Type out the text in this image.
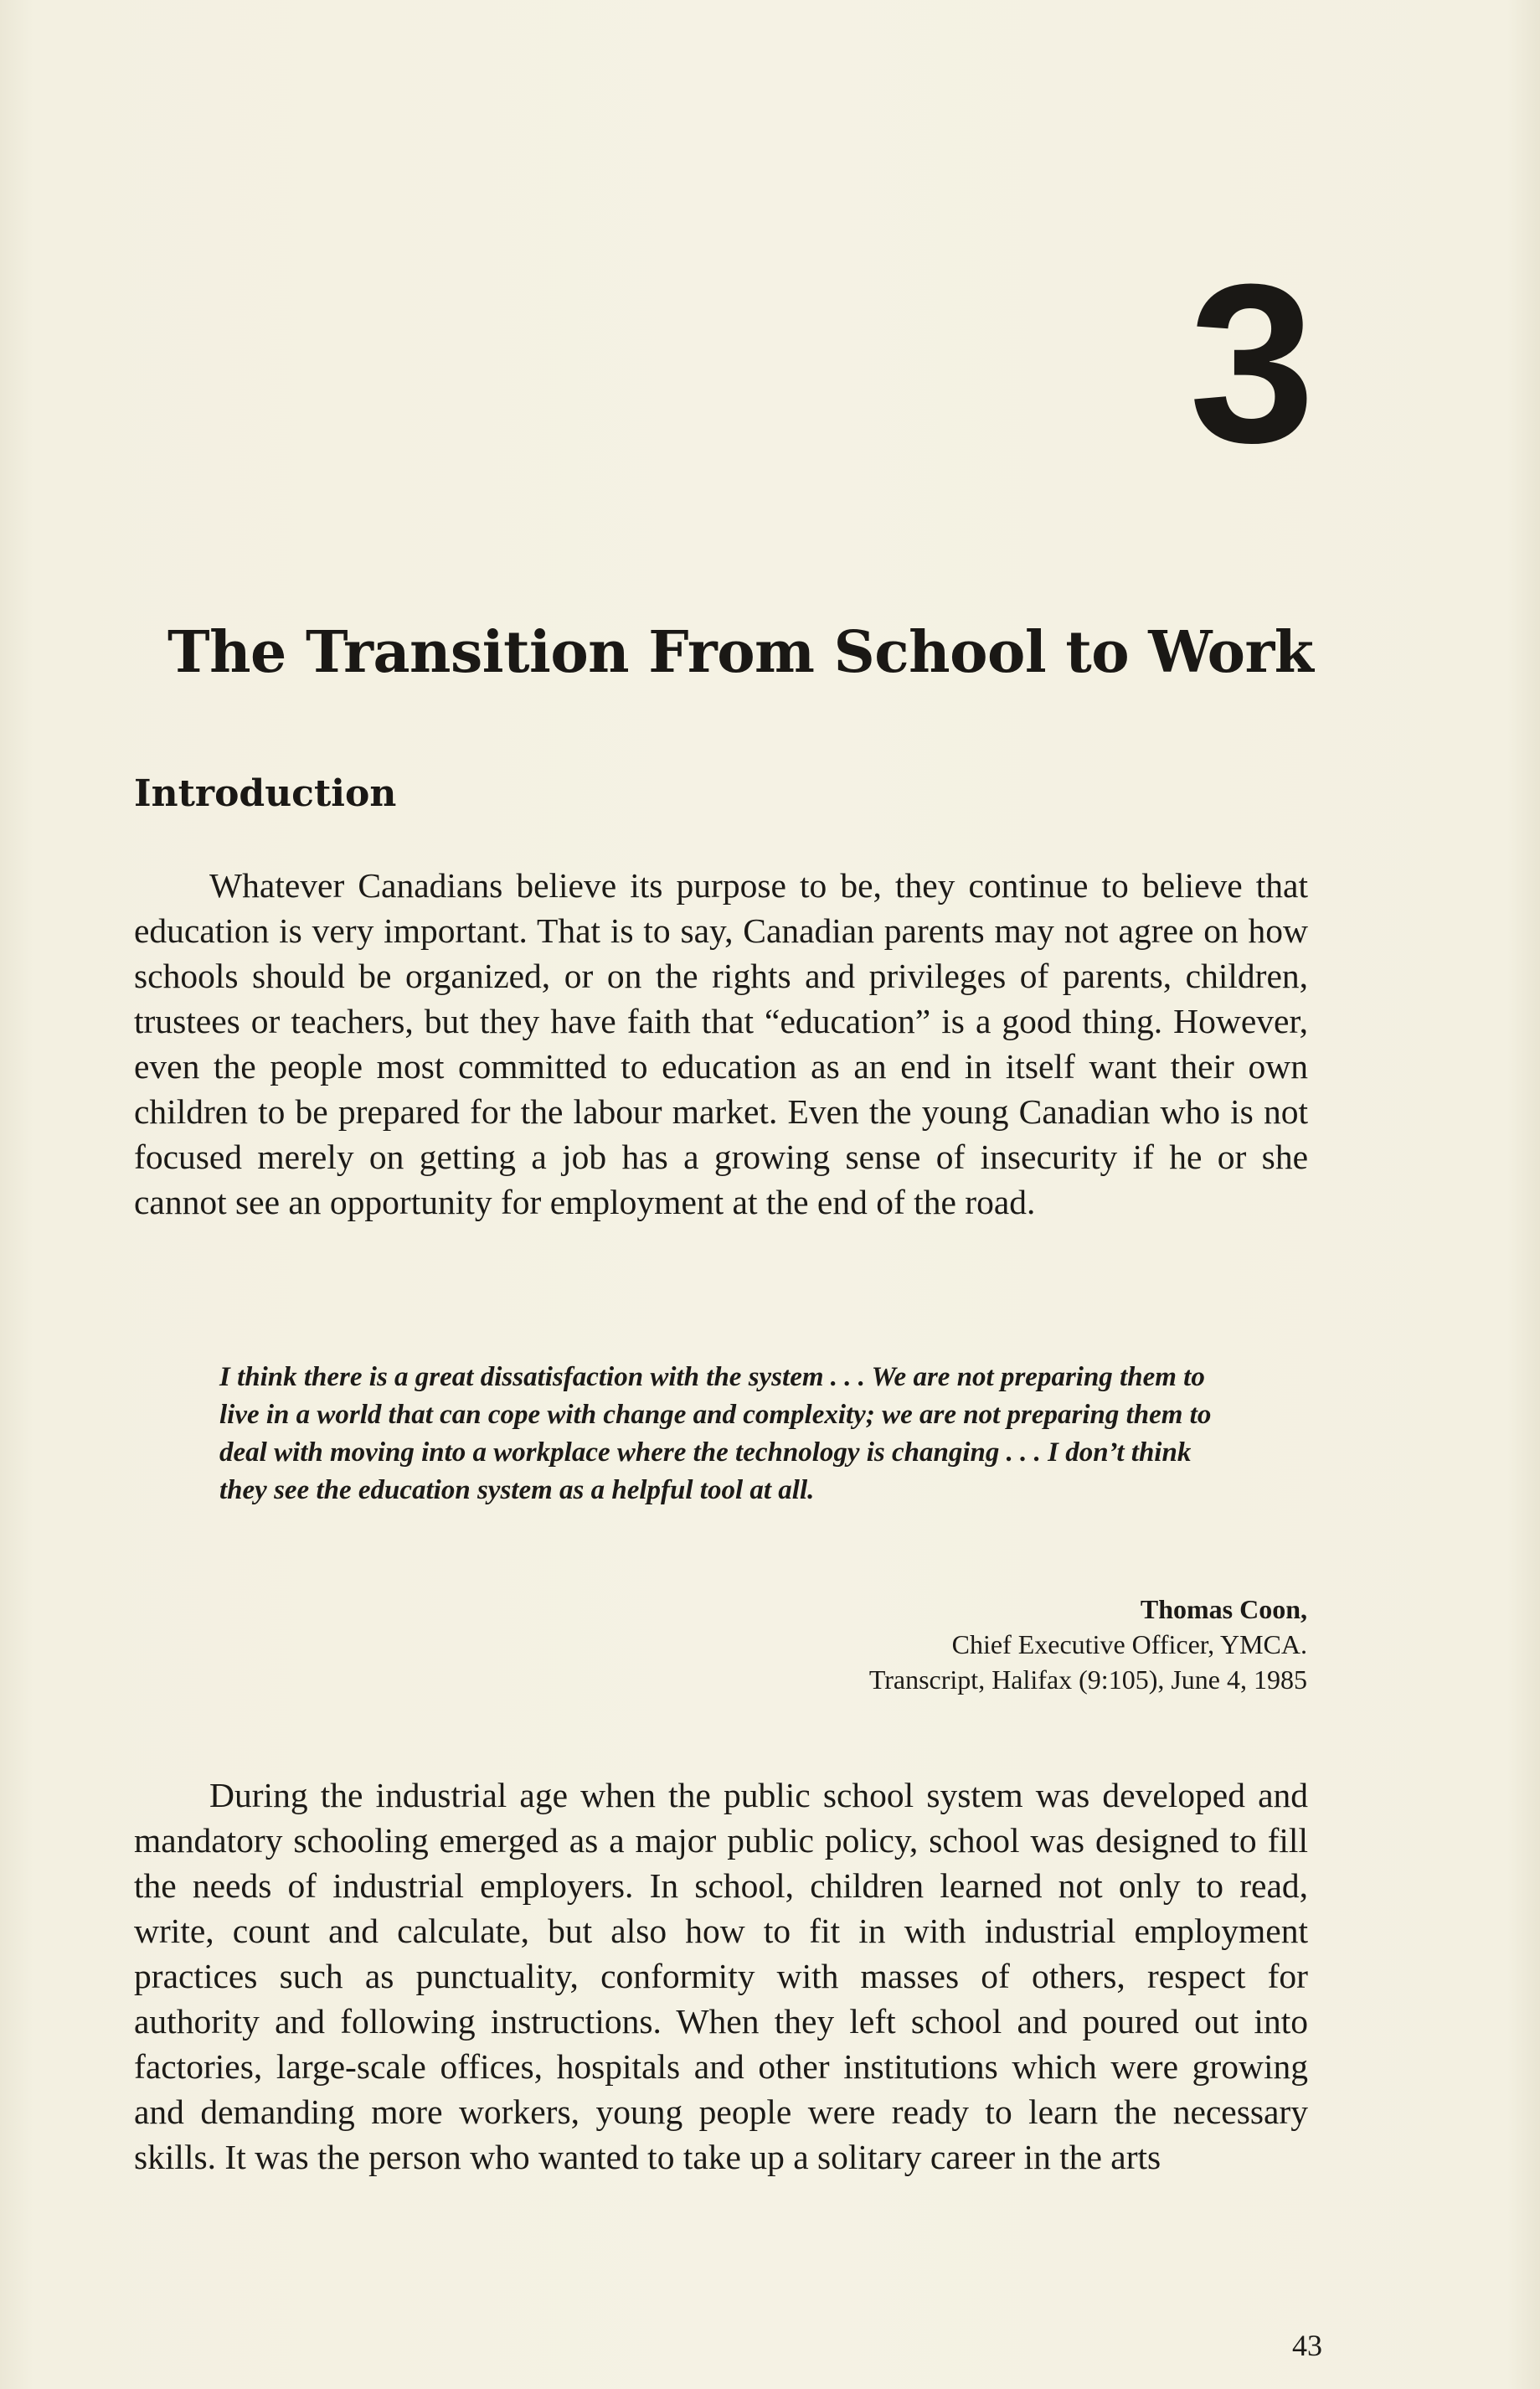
3
The Transition From School to Work
Introduction

Whatever Canadians believe its purpose to be, they continue to believe that education is very important. That is to say, Canadian parents may not agree on how schools should be organized, or on the rights and privileges of parents, children, trustees or teachers, but they have faith that “education” is a good thing. However, even the people most committed to education as an end in itself want their own children to be prepared for the labour market. Even the young Canadian who is not focused merely on getting a job has a growing sense of insecurity if he or she cannot see an opportunity for employment at the end of the road.

I think there is a great dissatisfaction with the system . . . We are not preparing them to live in a world that can cope with change and complexity; we are not preparing them to deal with moving into a workplace where the technology is changing . . . I don’t think they see the education system as a helpful tool at all.

Thomas Coon,
Chief Executive Officer, YMCA.
Transcript, Halifax (9:105), June 4, 1985

During the industrial age when the public school system was developed and mandatory schooling emerged as a major public policy, school was designed to fill the needs of industrial employers. In school, children learned not only to read, write, count and calculate, but also how to fit in with industrial employment practices such as punctuality, conformity with masses of others, respect for authority and following instructions. When they left school and poured out into factories, large-scale offices, hospitals and other institutions which were growing and demanding more workers, young people were ready to learn the necessary skills. It was the person who wanted to take up a solitary career in the arts

43
